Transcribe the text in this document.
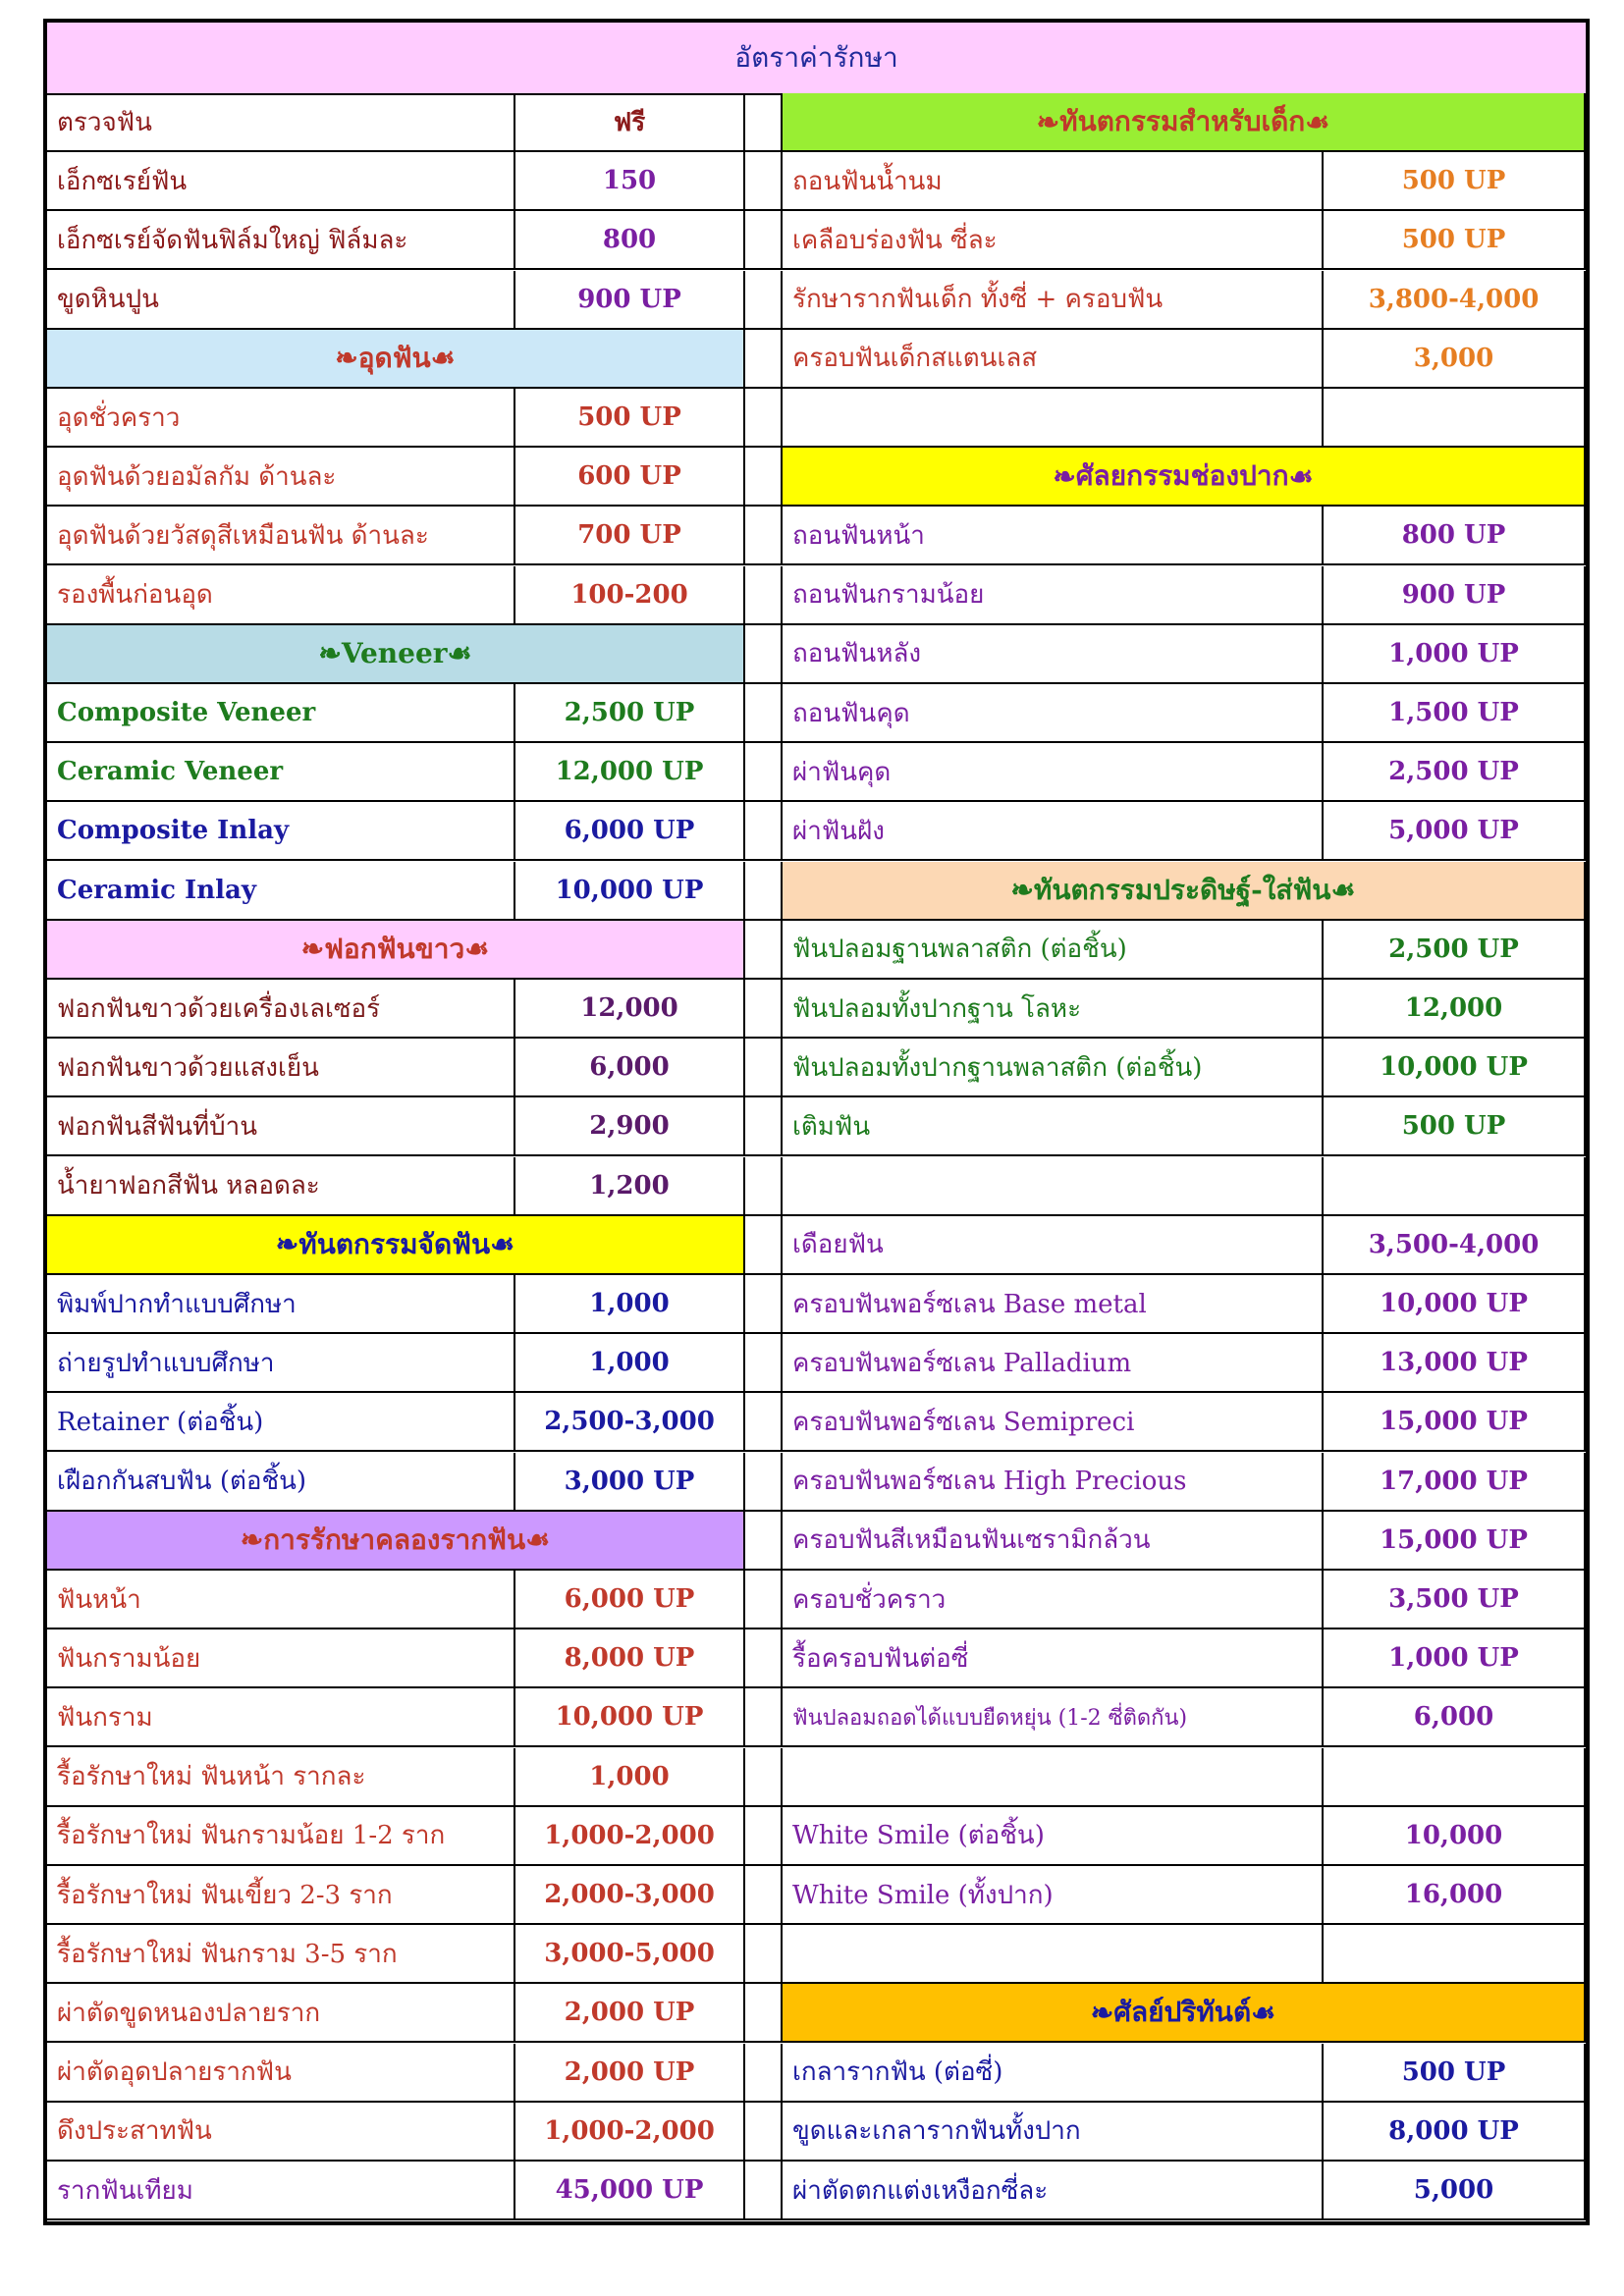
อัตราค่ารักษา
ตรวจฟัน	ฟรี	❧ ทันตกรรมสำหรับเด็ก ☙
เอ็กซเรย์ฟัน	150	ถอนฟันน้ำนม	500 UP
เอ็กซเรย์จัดฟันฟิล์มใหญ่ ฟิล์มละ	800	เคลือบร่องฟัน ซี่ละ	500 UP
ขูดหินปูน	900 UP	รักษารากฟันเด็ก ทั้งซี่ + ครอบฟัน	3,800-4,000
❧ อุดฟัน ☙	ครอบฟันเด็กสแตนเลส	3,000
อุดชั่วคราว	500 UP
อุดฟันด้วยอมัลกัม ด้านละ	600 UP	❧ ศัลยกรรมช่องปาก ☙
อุดฟันด้วยวัสดุสีเหมือนฟัน ด้านละ	700 UP	ถอนฟันหน้า	800 UP
รองพื้นก่อนอุด	100-200	ถอนฟันกรามน้อย	900 UP
❧ Veneer ☙	ถอนฟันหลัง	1,000 UP
Composite Veneer	2,500 UP	ถอนฟันคุด	1,500 UP
Ceramic Veneer	12,000 UP	ผ่าฟันคุด	2,500 UP
Composite Inlay	6,000 UP	ผ่าฟันฝัง	5,000 UP
Ceramic Inlay	10,000 UP	❧ ทันตกรรมประดิษฐ์-ใส่ฟัน ☙
❧ ฟอกฟันขาว ☙	ฟันปลอมฐานพลาสติก (ต่อชิ้น)	2,500 UP
ฟอกฟันขาวด้วยเครื่องเลเซอร์	12,000	ฟันปลอมทั้งปากฐาน โลหะ	12,000
ฟอกฟันขาวด้วยแสงเย็น	6,000	ฟันปลอมทั้งปากฐานพลาสติก (ต่อชิ้น)	10,000 UP
ฟอกฟันสีฟันที่บ้าน	2,900	เติมฟัน	500 UP
น้ำยาฟอกสีฟัน หลอดละ	1,200
❧ ทันตกรรมจัดฟัน ☙	เดือยฟัน	3,500-4,000
พิมพ์ปากทำแบบศึกษา	1,000	ครอบฟันพอร์ซเลน Base metal	10,000 UP
ถ่ายรูปทำแบบศึกษา	1,000	ครอบฟันพอร์ซเลน Palladium	13,000 UP
Retainer (ต่อชิ้น)	2,500-3,000	ครอบฟันพอร์ซเลน Semipreci	15,000 UP
เฝือกกันสบฟัน (ต่อชิ้น)	3,000 UP	ครอบฟันพอร์ซเลน High Precious	17,000 UP
❧ การรักษาคลองรากฟัน ☙	ครอบฟันสีเหมือนฟันเซรามิกล้วน	15,000 UP
ฟันหน้า	6,000 UP	ครอบชั่วคราว	3,500 UP
ฟันกรามน้อย	8,000 UP	รื้อครอบฟันต่อซี่	1,000 UP
ฟันกราม	10,000 UP	ฟันปลอมถอดได้แบบยืดหยุ่น (1-2 ซี่ติดกัน)	6,000
รื้อรักษาใหม่ ฟันหน้า รากละ	1,000
รื้อรักษาใหม่ ฟันกรามน้อย 1-2 ราก	1,000-2,000	White Smile (ต่อชิ้น)	10,000
รื้อรักษาใหม่ ฟันเขี้ยว 2-3 ราก	2,000-3,000	White Smile (ทั้งปาก)	16,000
รื้อรักษาใหม่ ฟันกราม 3-5 ราก	3,000-5,000
ผ่าตัดขูดหนองปลายราก	2,000 UP	❧ ศัลย์ปริทันต์ ☙
ผ่าตัดอุดปลายรากฟัน	2,000 UP	เกลารากฟัน (ต่อซี่)	500 UP
ดึงประสาทฟัน	1,000-2,000	ขูดและเกลารากฟันทั้งปาก	8,000 UP
รากฟันเทียม	45,000 UP	ผ่าตัดตกแต่งเหงือกซี่ละ	5,000
